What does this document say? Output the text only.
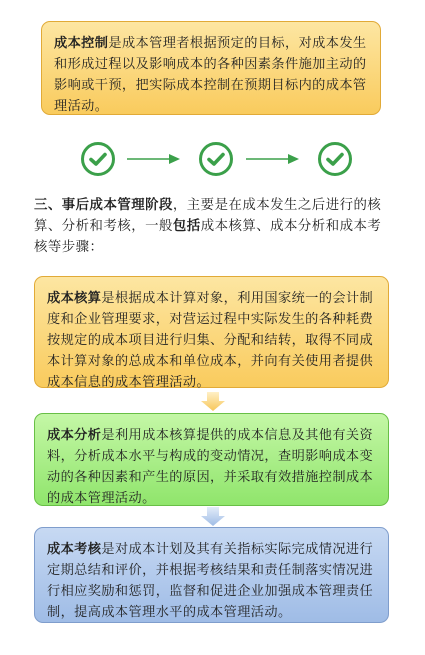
成本控制是成本管理者根据预定的目标，对成本发生和形成过程以及影响成本的各种因素条件施加主动的影响或干预，把实际成本控制在预期目标内的成本管理活动。
三、事后成本管理阶段，主要是在成本发生之后进行的核算、分析和考核，一般包括成本核算、成本分析和成本考核等步骤：
成本核算是根据成本计算对象，利用国家统一的会计制度和企业管理要求，对营运过程中实际发生的各种耗费按规定的成本项目进行归集、分配和结转，取得不同成本计算对象的总成本和单位成本，并向有关使用者提供成本信息的成本管理活动。
成本分析是利用成本核算提供的成本信息及其他有关资料，分析成本水平与构成的变动情况，查明影响成本变动的各种因素和产生的原因，并采取有效措施控制成本的成本管理活动。
成本考核是对成本计划及其有关指标实际完成情况进行定期总结和评价，并根据考核结果和责任制落实情况进行相应奖励和惩罚，监督和促进企业加强成本管理责任制，提高成本管理水平的成本管理活动。
